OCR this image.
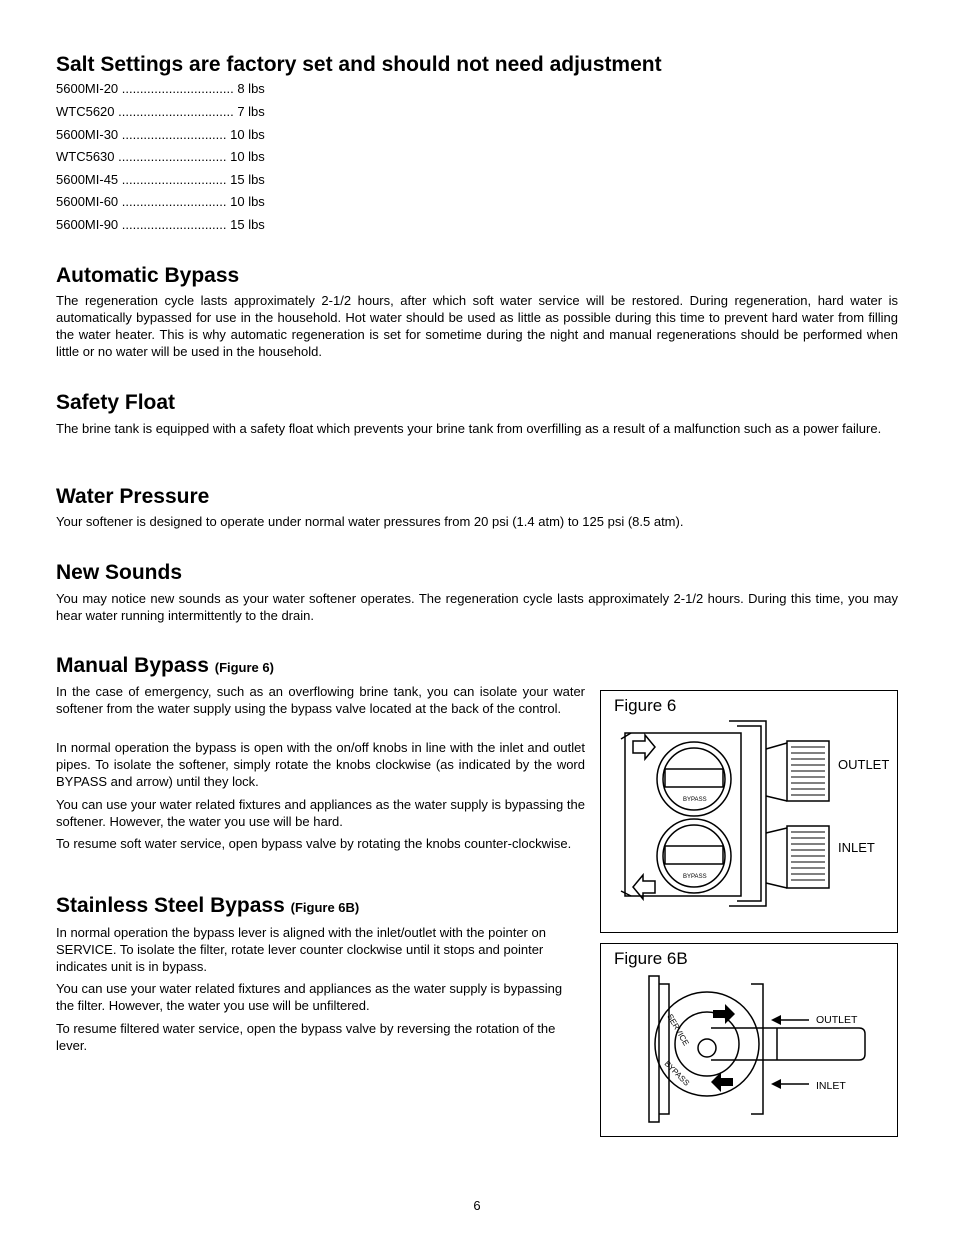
Salt Settings are factory set and should not need adjustment
5600MI-20 ............................... 8 lbs
WTC5620 ................................ 7 lbs
5600MI-30 ............................. 10 lbs
WTC5630 .............................. 10 lbs
5600MI-45 ............................. 15 lbs
5600MI-60 ............................. 10 lbs
5600MI-90 ............................. 15 lbs
Automatic Bypass

The regeneration cycle lasts approximately 2-1/2 hours, after which soft water service will be restored. During regeneration, hard water is automatically bypassed for use in the household. Hot water should be used as little as possible during this time to prevent hard water from filling the water heater. This is why automatic regeneration is set for sometime during the night and manual regenerations should be performed when little or no water will be used in the household.

Safety Float

The brine tank is equipped with a safety float which prevents your brine tank from overfilling as a result of a malfunction such as a power failure.

Water Pressure

Your softener is designed to operate under normal water pressures from 20 psi (1.4 atm) to 125 psi (8.5 atm).

New Sounds

You may notice new sounds as your water softener operates. The regeneration cycle lasts approximately 2-1/2 hours. During this time, you may hear water running intermittently to the drain.

Manual Bypass (Figure 6)

In the case of emergency, such as an overflowing brine tank, you can isolate your water softener from the water supply using the bypass valve located at the back of the control.

In normal operation the bypass is open with the on/off knobs in line with the inlet and outlet pipes. To isolate the softener, simply rotate the knobs clockwise (as indicated by the word BYPASS and arrow) until they lock.

You can use your water related fixtures and appliances as the water supply is bypassing the softener. However, the water you use will be hard.

To resume soft water service, open bypass valve by rotating the knobs counter-clockwise.

Stainless Steel Bypass (Figure 6B)

In normal operation the bypass lever is aligned with the inlet/outlet with the pointer on SERVICE. To isolate the filter, rotate lever counter clockwise until it stops and pointer indicates unit is in bypass.

You can use your water related fixtures and appliances as the water supply is bypassing the filter. However, the water you use will be unfiltered.

To resume filtered water service, open the bypass valve by reversing the rotation of the lever.

Figure 6
OUTLET
INLET
BYPASS
BYPASS
Figure 6B
OUTLET
INLET
SERVICE
BYPASS
6
